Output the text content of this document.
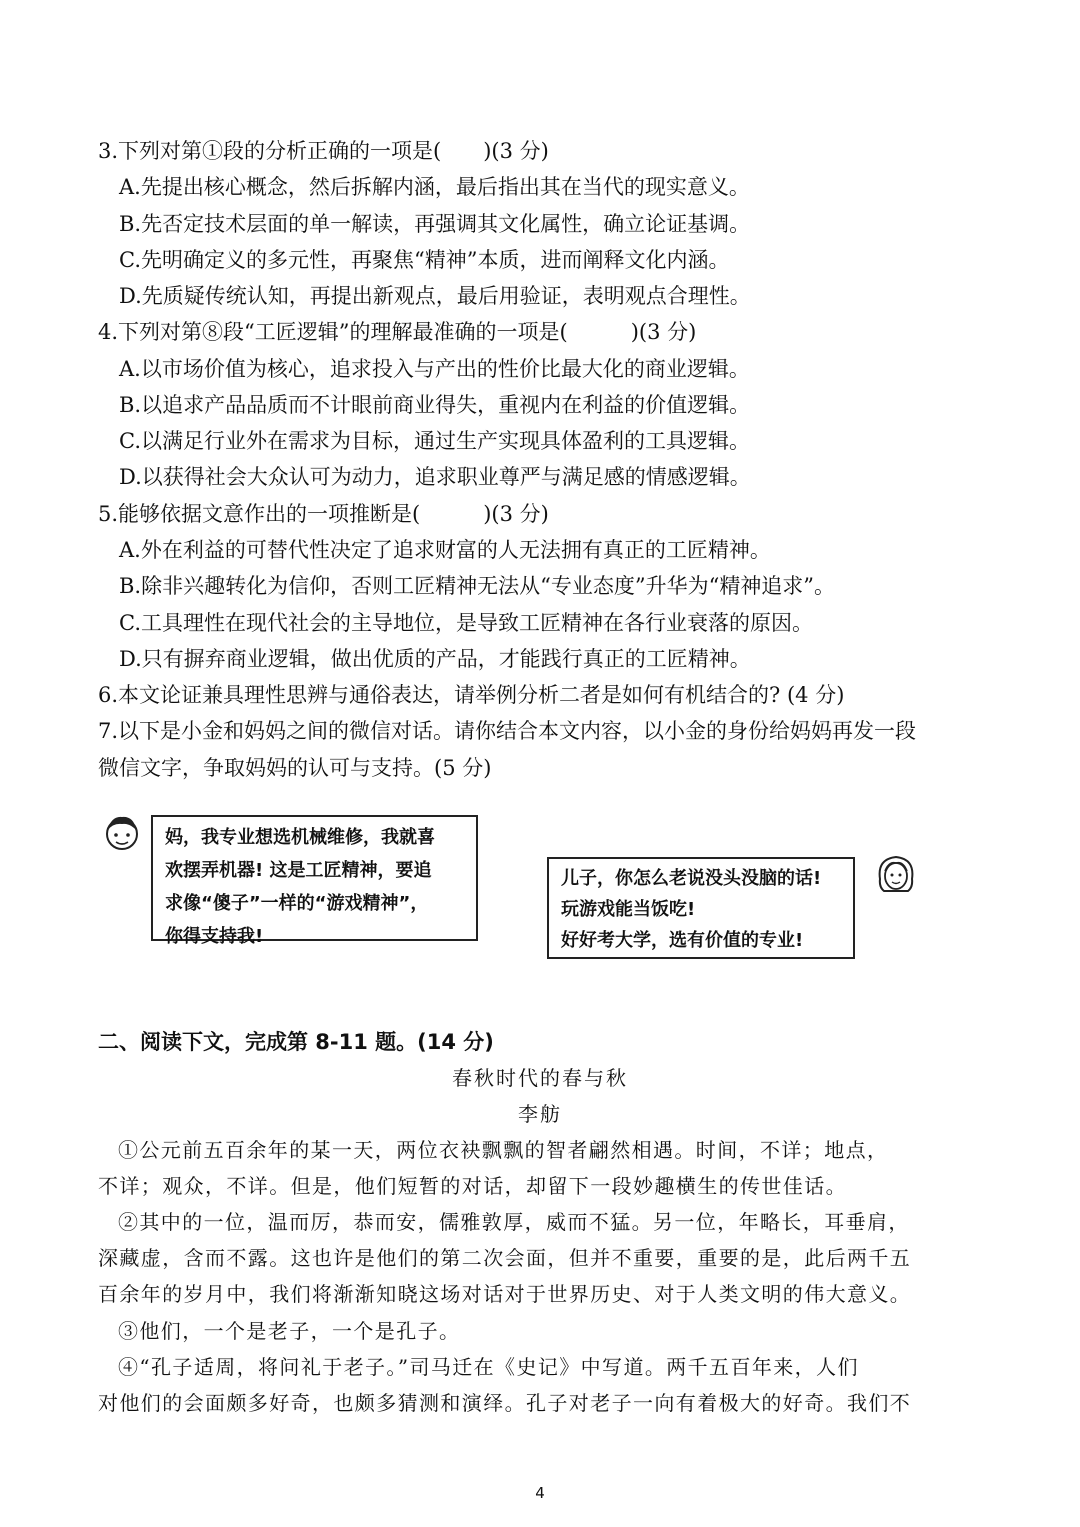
3.下列对第①段的分析正确的一项是(　　)(3 分)
A.先提出核心概念，然后拆解内涵，最后指出其在当代的现实意义。
B.先否定技术层面的单一解读，再强调其文化属性，确立论证基调。
C.先明确定义的多元性，再聚焦“精神”本质，进而阐释文化内涵。
D.先质疑传统认知，再提出新观点，最后用验证，表明观点合理性。
4.下列对第⑧段“工匠逻辑”的理解最准确的一项是(　　　)(3 分)
A.以市场价值为核心，追求投入与产出的性价比最大化的商业逻辑。
B.以追求产品品质而不计眼前商业得失，重视内在利益的价值逻辑。
C.以满足行业外在需求为目标，通过生产实现具体盈利的工具逻辑。
D.以获得社会大众认可为动力，追求职业尊严与满足感的情感逻辑。
5.能够依据文意作出的一项推断是(　　　)(3 分)
A.外在利益的可替代性决定了追求财富的人无法拥有真正的工匠精神。
B.除非兴趣转化为信仰，否则工匠精神无法从“专业态度”升华为“精神追求”。
C.工具理性在现代社会的主导地位，是导致工匠精神在各行业衰落的原因。
D.只有摒弃商业逻辑，做出优质的产品，才能践行真正的工匠精神。
6.本文论证兼具理性思辨与通俗表达，请举例分析二者是如何有机结合的? (4 分)
7.以下是小金和妈妈之间的微信对话。请你结合本文内容，以小金的身份给妈妈再发一段
微信文字，争取妈妈的认可与支持。(5 分)
妈，我专业想选机械维修，我就喜
欢摆弄机器! 这是工匠精神，要追
求像“傻子”一样的“游戏精神”，
你得支持我!
儿子，你怎么老说没头没脑的话!
玩游戏能当饭吃!
好好考大学，选有价值的专业!
二、阅读下文，完成第 8-11 题。(14 分)
春秋时代的春与秋
李舫
①公元前五百余年的某一天，两位衣袂飘飘的智者翩然相遇。时间，不详；地点，
不详；观众，不详。但是，他们短暂的对话，却留下一段妙趣横生的传世佳话。
②其中的一位，温而厉，恭而安，儒雅敦厚，威而不猛。另一位，年略长，耳垂肩，
深藏虚，含而不露。这也许是他们的第二次会面，但并不重要，重要的是，此后两千五
百余年的岁月中，我们将渐渐知晓这场对话对于世界历史、对于人类文明的伟大意义。
③他们，一个是老子，一个是孔子。
④“孔子适周，将问礼于老子。”司马迁在《史记》中写道。两千五百年来，人们
对他们的会面颇多好奇，也颇多猜测和演绎。孔子对老子一向有着极大的好奇。我们不
4
